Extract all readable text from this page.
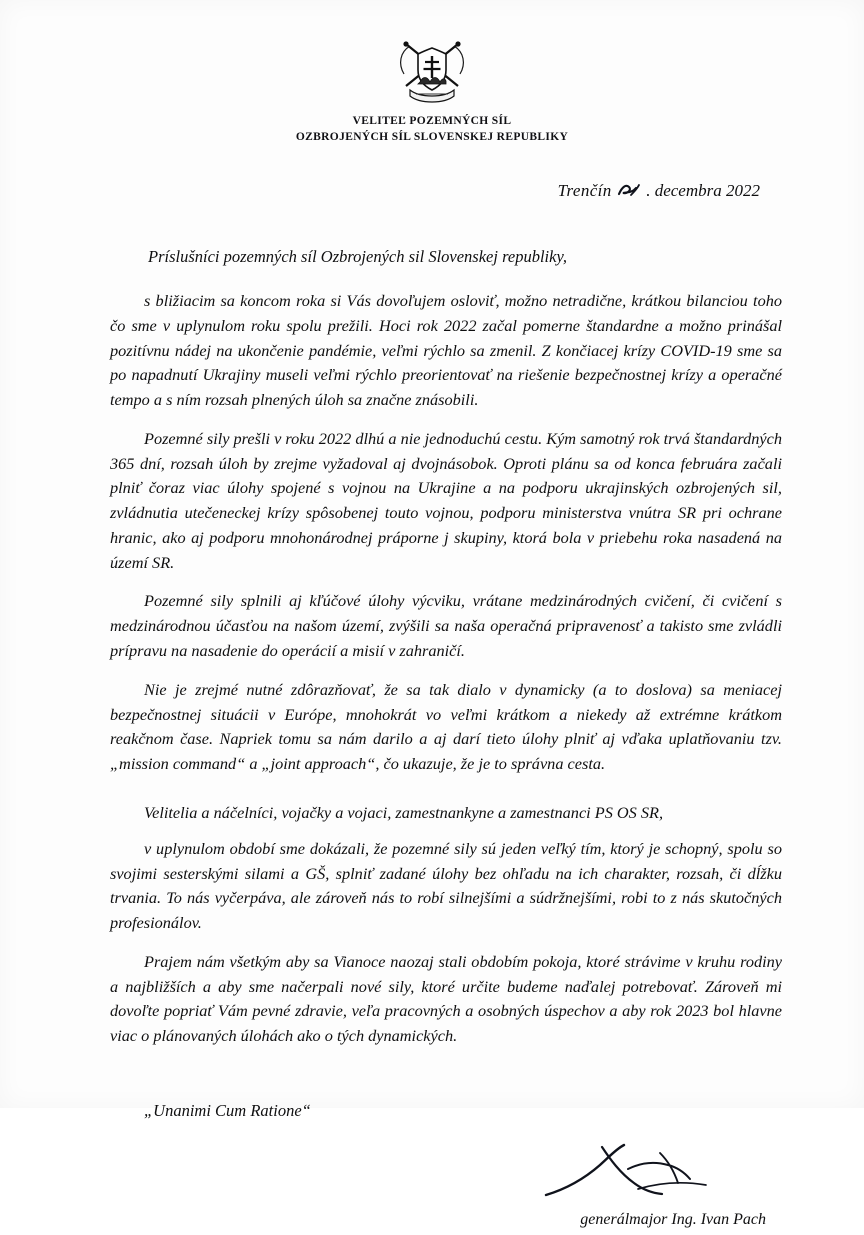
VELITEĽ POZEMNÝCH SÍL
OZBROJENÝCH SÍL SLOVENSKEJ REPUBLIKY
Trenčín . decembra 2022
Príslušníci pozemných síl Ozbrojených sil Slovenskej republiky,

s bližiacim sa koncom roka si Vás dovoľujem osloviť, možno netradične, krátkou bilanciou toho čo sme v uplynulom roku spolu prežili. Hoci rok 2022 začal pomerne štandardne a možno prinášal pozitívnu nádej na ukončenie pandémie, veľmi rýchlo sa zmenil. Z končiacej krízy COVID-19 sme sa po napadnutí Ukrajiny museli veľmi rýchlo preorientovať na riešenie bezpečnostnej krízy a operačné tempo a s ním rozsah plnených úloh sa značne znásobili.

Pozemné sily prešli v roku 2022 dlhú a nie jednoduchú cestu. Kým samotný rok trvá štandardných 365 dní, rozsah úloh by zrejme vyžadoval aj dvojnásobok. Oproti plánu sa od konca februára začali plniť čoraz viac úlohy spojené s vojnou na Ukrajine a na podporu ukrajinských ozbrojených sil, zvládnutia utečeneckej krízy spôsobenej touto vojnou, podporu ministerstva vnútra SR pri ochrane hranic, ako aj podporu mnohonárodnej práporne j skupiny, ktorá bola v priebehu roka nasadená na území SR.

Pozemné sily splnili aj kľúčové úlohy výcviku, vrátane medzinárodných cvičení, či cvičení s medzinárodnou účasťou na našom území, zvýšili sa naša operačná pripravenosť a takisto sme zvládli prípravu na nasadenie do operácií a misií v zahraničí.

Nie je zrejmé nutné zdôrazňovať, že sa tak dialo v dynamicky (a to doslova) sa meniacej bezpečnostnej situácii v Európe, mnohokrát vo veľmi krátkom a niekedy až extrémne krátkom reakčnom čase. Napriek tomu sa nám darilo a aj darí tieto úlohy plniť aj vďaka uplatňovaniu tzv. „mission command“ a „joint approach“, čo ukazuje, že je to správna cesta.

Velitelia a náčelníci, vojačky a vojaci, zamestnankyne a zamestnanci PS OS SR,

v uplynulom období sme dokázali, že pozemné sily sú jeden veľký tím, ktorý je schopný, spolu so svojimi sesterskými silami a GŠ, splniť zadané úlohy bez ohľadu na ich charakter, rozsah, či dĺžku trvania. To nás vyčerpáva, ale zároveň nás to robí silnejšími a súdržnejšími, robi to z nás skutočných profesionálov.

Prajem nám všetkým aby sa Vianoce naozaj stali obdobím pokoja, ktoré strávime v kruhu rodiny a najbližších a aby sme načerpali nové sily, ktoré určite budeme naďalej potrebovať. Zároveň mi dovoľte popriať Vám pevné zdravie, veľa pracovných a osobných úspechov a aby rok 2023 bol hlavne viac o plánovaných úlohách ako o tých dynamických.

„Unanimi Cum Ratione“
generálmajor Ing. Ivan Pach
